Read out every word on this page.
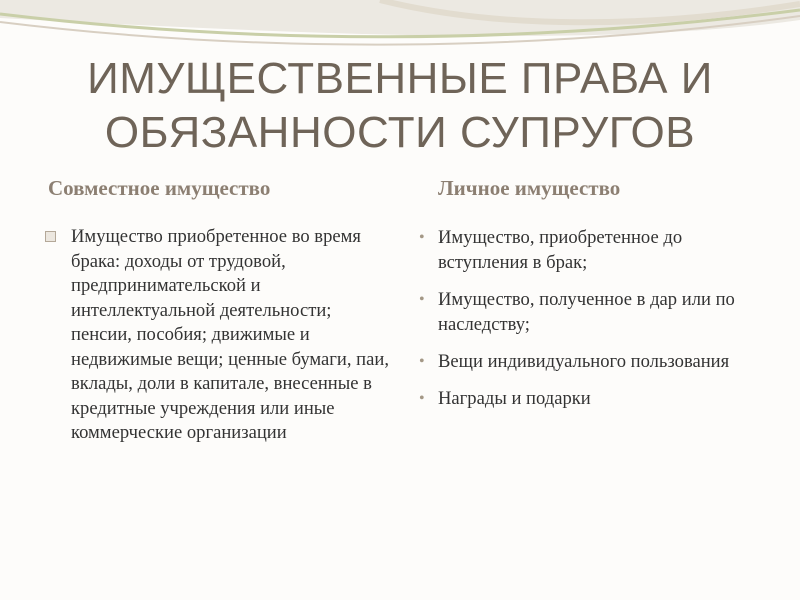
ИМУЩЕСТВЕННЫЕ ПРАВА И
ОБЯЗАННОСТИ СУПРУГОВ
Совместное имущество	Личное имущество
Имущество приобретенное во время брака: доходы от трудовой, предпринимательской и интеллектуальной деятельности; пенсии, пособия; движимые и недвижимые вещи; ценные бумаги, паи, вклады, доли в капитале, внесенные в кредитные учреждения или иные коммерческие организации
• Имущество, приобретенное до вступления в брак;
• Имущество, полученное в дар или по наследству;
• Вещи индивидуального пользования
• Награды и подарки
